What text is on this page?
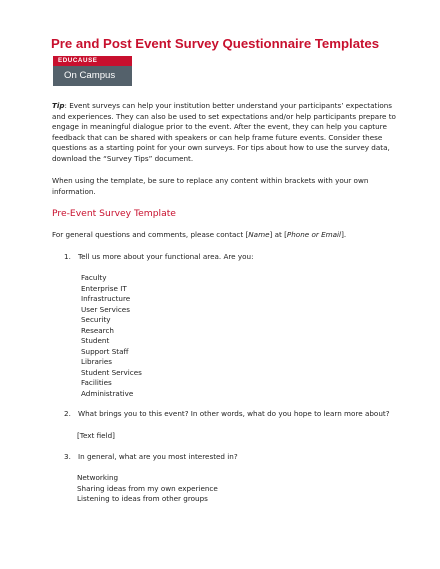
Pre and Post Event Survey Questionnaire Templates
EDUCAUSE
On Campus
Tip: Event surveys can help your institution better understand your participants’ expectations and experiences. They can also be used to set expectations and/or help participants prepare to engage in meaningful dialogue prior to the event. After the event, they can help you capture feedback that can be shared with speakers or can help frame future events. Consider these questions as a starting point for your own surveys. For tips about how to use the survey data, download the “Survey Tips” document.
When using the template, be sure to replace any content within brackets with your own information.
Pre-Event Survey Template
For general questions and comments, please contact [Name] at [Phone or Email].
1. Tell us more about your functional area. Are you:
Faculty
Enterprise IT
Infrastructure
User Services
Security
Research
Student
Support Staff
Libraries
Student Services
Facilities
Administrative
2. What brings you to this event? In other words, what do you hope to learn more about?
[Text field]
3. In general, what are you most interested in?
Networking
Sharing ideas from my own experience
Listening to ideas from other groups
